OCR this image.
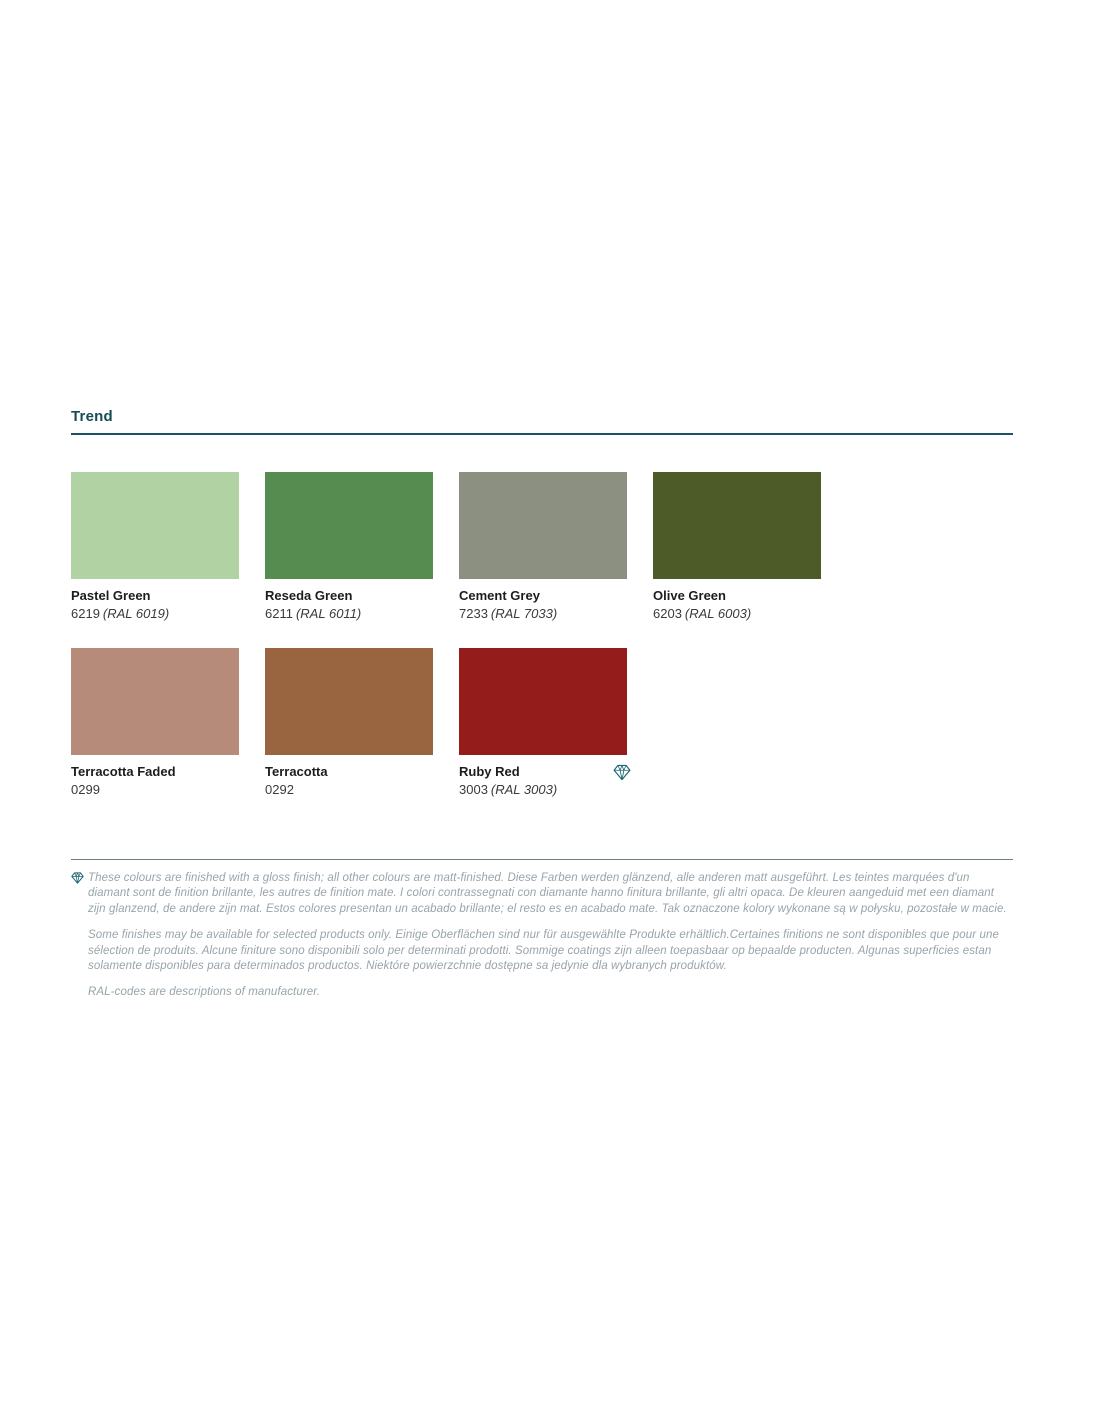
Trend
Pastel Green
6219 (RAL 6019)
Reseda Green
6211 (RAL 6011)
Cement Grey
7233 (RAL 7033)
Olive Green
6203 (RAL 6003)
Terracotta Faded
0299
Terracotta
0292
Ruby Red
3003 (RAL 3003)

These colours are finished with a gloss finish; all other colours are matt-finished. Diese Farben werden glänzend, alle anderen matt ausgeführt. Les teintes marquées d'un diamant sont de finition brillante, les autres de finition mate. I colori contrassegnati con diamante hanno finitura brillante, gli altri opaca. De kleuren aangeduid met een diamant zijn glanzend, de andere zijn mat. Estos colores presentan un acabado brillante; el resto es en acabado mate. Tak oznaczone kolory wykonane są w połysku, pozostałe w macie.

Some finishes may be available for selected products only. Einige Oberflächen sind nur für ausgewählte Produkte erhältlich.Certaines finitions ne sont disponibles que pour une sélection de produits. Alcune finiture sono disponibili solo per determinati prodotti. Sommige coatings zijn alleen toepasbaar op bepaalde producten. Algunas superficies estan solamente disponibles para determinados productos. Niektóre powierzchnie dostępne sa jedynie dla wybranych produktów.

RAL-codes are descriptions of manufacturer.
